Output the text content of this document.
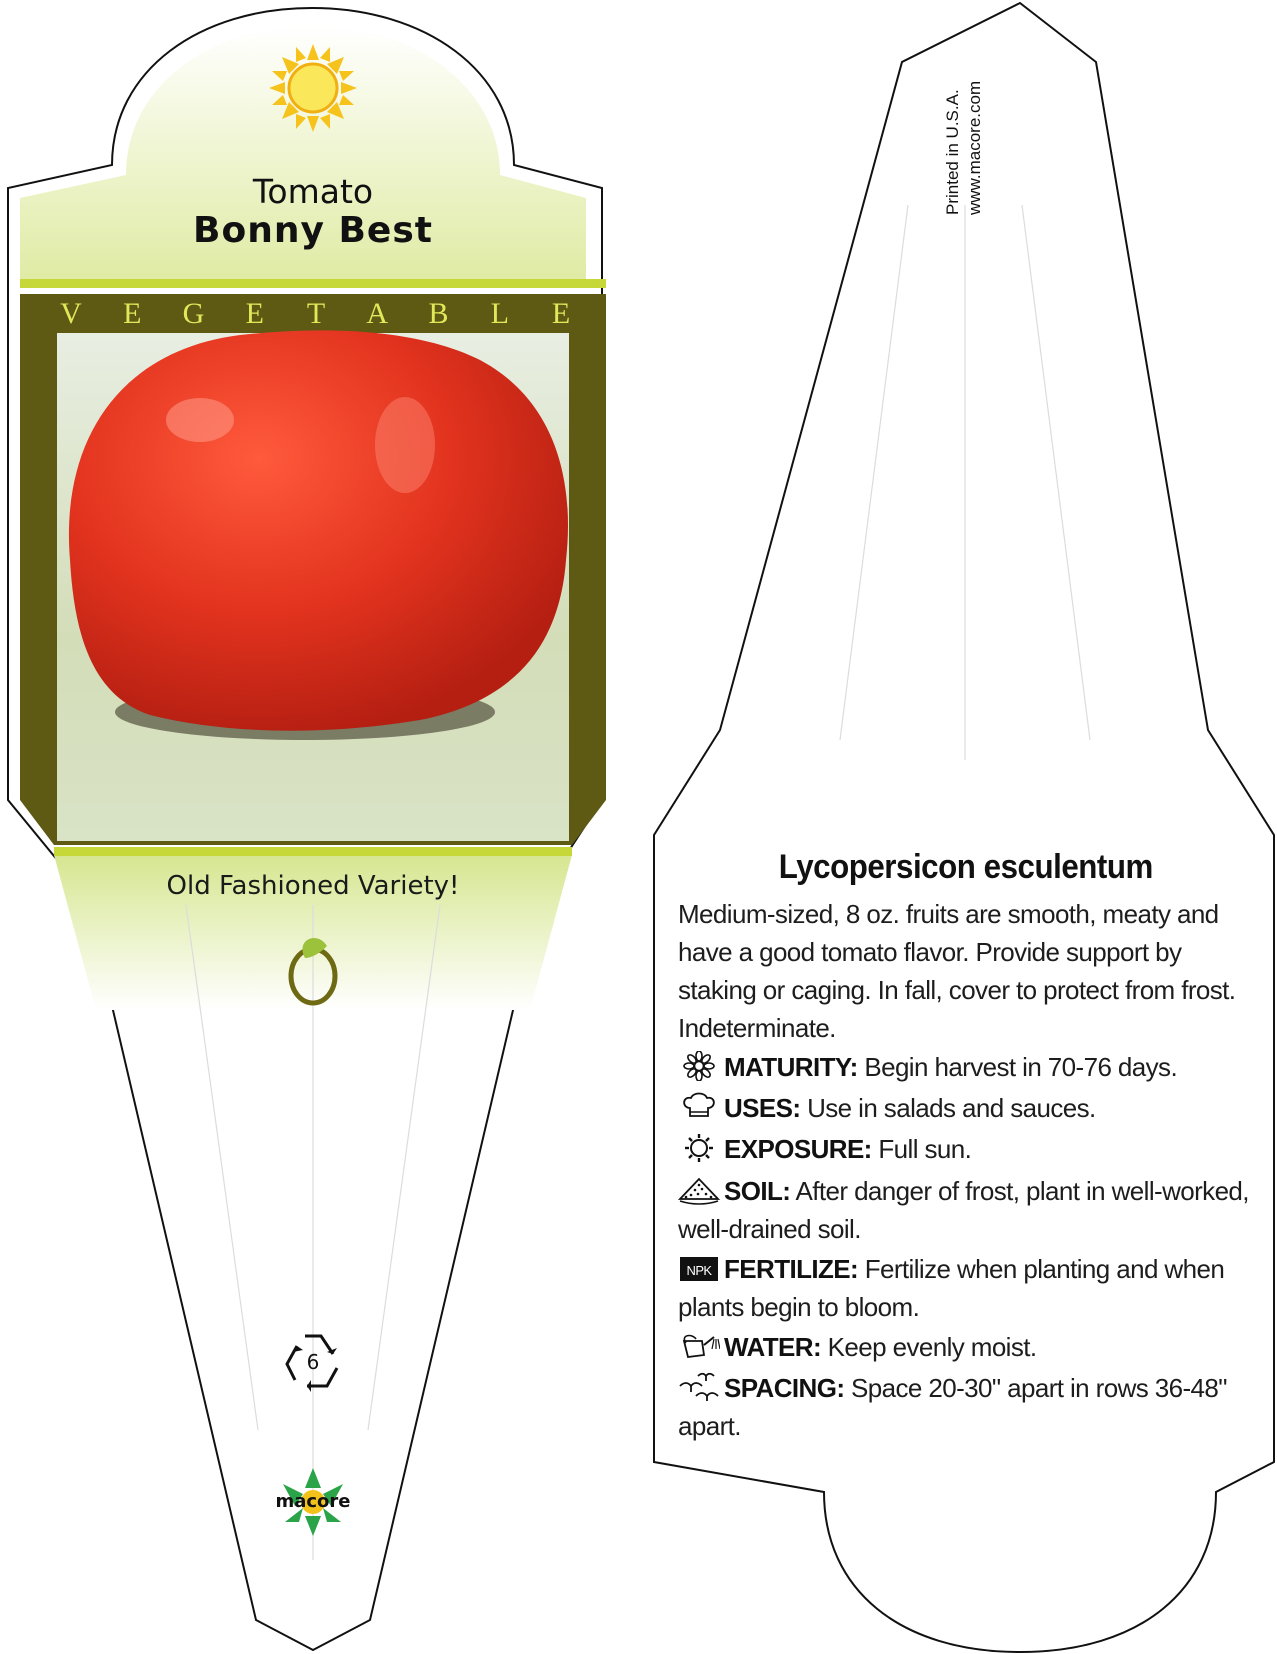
Tomato
Bonny Best
V E G E T A B L E
Old Fashioned Variety!
6
macore
Printed in U.S.A. www.macore.com
Lycopersicon esculentum
Medium-sized, 8 oz. fruits are smooth, meaty and have a good tomato flavor. Provide support by staking or caging. In fall, cover to protect from frost. Indeterminate.
MATURITY: Begin harvest in 70-76 days.
USES: Use in salads and sauces.
EXPOSURE: Full sun.
SOIL: After danger of frost, plant in well-worked, well-drained soil.
NPK FERTILIZE: Fertilize when planting and when plants begin to bloom.
WATER: Keep evenly moist.
SPACING: Space 20-30" apart in rows 36-48" apart.
